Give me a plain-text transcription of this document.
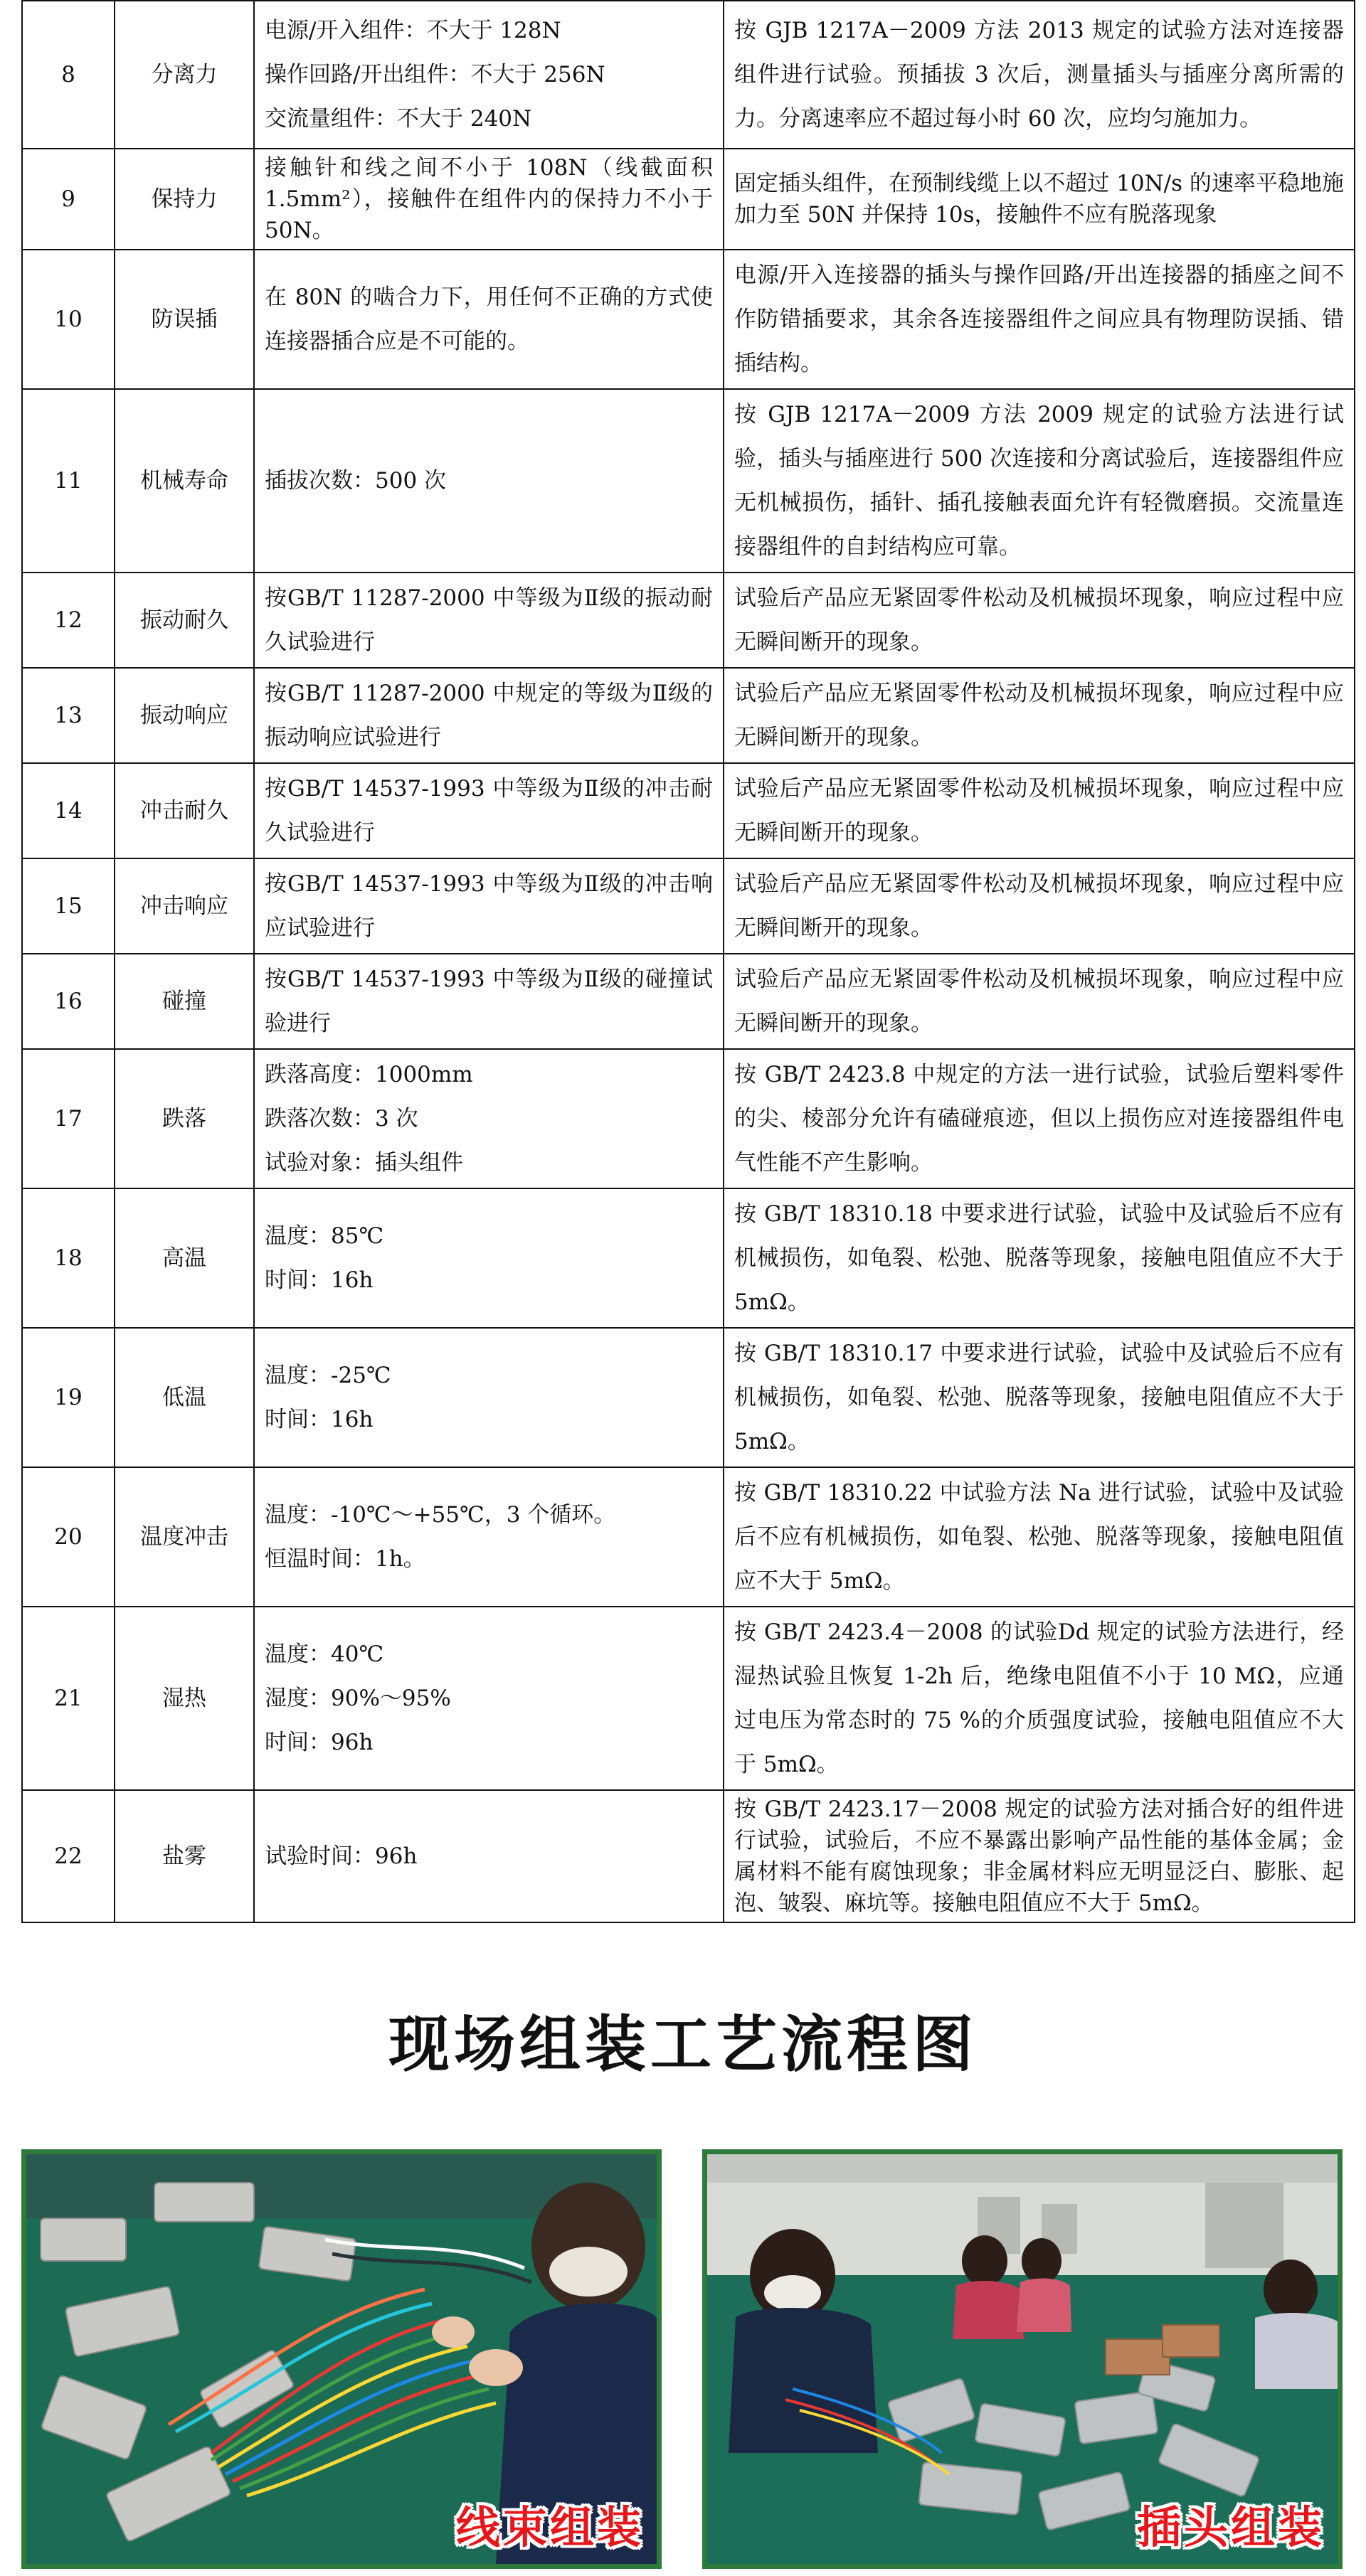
8	分离力	电源/开入组件：不大于 128N
操作回路/开出组件：不大于 256N
交流量组件：不大于 240N	按 GJB 1217A－2009 方法 2013 规定的试验方法对连接器组件进行试验。预插拔 3 次后，测量插头与插座分离所需的力。分离速率应不超过每小时 60 次，应均匀施加力。
9	保持力	接触针和线之间不小于 108N（线截面积 1.5mm²），接触件在组件内的保持力不小于 50N。	固定插头组件，在预制线缆上以不超过 10N/s 的速率平稳地施加力至 50N 并保持 10s，接触件不应有脱落现象
10	防误插	在 80N 的啮合力下，用任何不正确的方式使连接器插合应是不可能的。	电源/开入连接器的插头与操作回路/开出连接器的插座之间不作防错插要求，其余各连接器组件之间应具有物理防误插、错插结构。
11	机械寿命	插拔次数：500 次	按 GJB 1217A－2009 方法 2009 规定的试验方法进行试验，插头与插座进行 500 次连接和分离试验后，连接器组件应无机械损伤，插针、插孔接触表面允许有轻微磨损。交流量连接器组件的自封结构应可靠。
12	振动耐久	按GB/T 11287-2000 中等级为Ⅱ级的振动耐久试验进行	试验后产品应无紧固零件松动及机械损坏现象，响应过程中应无瞬间断开的现象。
13	振动响应	按GB/T 11287-2000 中规定的等级为Ⅱ级的振动响应试验进行	试验后产品应无紧固零件松动及机械损坏现象，响应过程中应无瞬间断开的现象。
14	冲击耐久	按GB/T 14537-1993 中等级为Ⅱ级的冲击耐久试验进行	试验后产品应无紧固零件松动及机械损坏现象，响应过程中应无瞬间断开的现象。
15	冲击响应	按GB/T 14537-1993 中等级为Ⅱ级的冲击响应试验进行	试验后产品应无紧固零件松动及机械损坏现象，响应过程中应无瞬间断开的现象。
16	碰撞	按GB/T 14537-1993 中等级为Ⅱ级的碰撞试验进行	试验后产品应无紧固零件松动及机械损坏现象，响应过程中应无瞬间断开的现象。
17	跌落	跌落高度：1000mm
跌落次数：3 次
试验对象：插头组件	按 GB/T 2423.8 中规定的方法一进行试验，试验后塑料零件的尖、棱部分允许有磕碰痕迹，但以上损伤应对连接器组件电气性能不产生影响。
18	高温	温度：85℃
时间：16h	按 GB/T 18310.18 中要求进行试验，试验中及试验后不应有机械损伤，如龟裂、松弛、脱落等现象，接触电阻值应不大于 5mΩ。
19	低温	温度：-25℃
时间：16h	按 GB/T 18310.17 中要求进行试验，试验中及试验后不应有机械损伤，如龟裂、松弛、脱落等现象，接触电阻值应不大于 5mΩ。
20	温度冲击	温度：-10℃～+55℃，3 个循环。
恒温时间：1h。	按 GB/T 18310.22 中试验方法 Na 进行试验，试验中及试验后不应有机械损伤，如龟裂、松弛、脱落等现象，接触电阻值应不大于 5mΩ。
21	湿热	温度：40℃
湿度：90%～95%
时间：96h	按 GB/T 2423.4－2008 的试验Dd 规定的试验方法进行，经湿热试验且恢复 1-2h 后，绝缘电阻值不小于 10 MΩ，应通过电压为常态时的 75 %的介质强度试验，接触电阻值应不大于 5mΩ。
22	盐雾	试验时间：96h	按 GB/T 2423.17－2008 规定的试验方法对插合好的组件进行试验，试验后，不应不暴露出影响产品性能的基体金属；金属材料不能有腐蚀现象；非金属材料应无明显泛白、膨胀、起泡、皱裂、麻坑等。接触电阻值应不大于 5mΩ。
现场组装工艺流程图
线束组装	插头组装
